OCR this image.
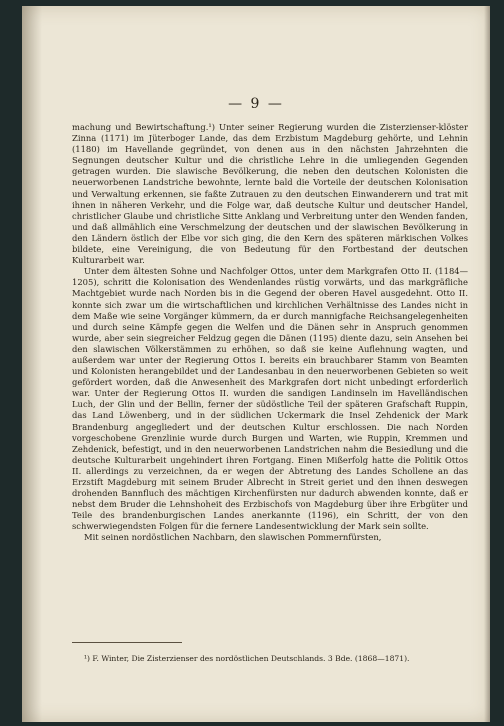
— 9 —

machung und Bewirtschaftung.¹) Unter seiner Regierung wurden die Zisterzienser-klöster Zinna (1171) im Jüterboger Lande, das dem Erzbistum Magdeburg gehörte, und Lehnin (1180) im Havellande gegründet, von denen aus in den nächsten Jahrzehnten die Segnungen deutscher Kultur und die christliche Lehre in die umliegenden Gegenden getragen wurden. Die slawische Bevölkerung, die neben den deutschen Kolonisten die neuerworbenen Landstriche bewohnte, lernte bald die Vorteile der deutschen Kolonisation und Verwaltung erkennen, sie faßte Zutrauen zu den deutschen Einwanderern und trat mit ihnen in näheren Verkehr, und die Folge war, daß deutsche Kultur und deutscher Handel, christlicher Glaube und christliche Sitte Anklang und Verbreitung unter den Wenden fanden, und daß allmählich eine Verschmelzung der deutschen und der slawischen Bevölkerung in den Ländern östlich der Elbe vor sich ging, die den Kern des späteren märkischen Volkes bildete, eine Vereinigung, die von Bedeutung für den Fortbestand der deutschen Kulturarbeit war.

Unter dem ältesten Sohne und Nachfolger Ottos, unter dem Markgrafen Otto II. (1184—1205), schritt die Kolonisation des Wendenlandes rüstig vorwärts, und das markgräfliche Machtgebiet wurde nach Norden bis in die Gegend der oberen Havel ausgedehnt. Otto II. konnte sich zwar um die wirtschaftlichen und kirchlichen Verhältnisse des Landes nicht in dem Maße wie seine Vorgänger kümmern, da er durch mannigfache Reichsangelegenheiten und durch seine Kämpfe gegen die Welfen und die Dänen sehr in Anspruch genommen wurde, aber sein siegreicher Feldzug gegen die Dänen (1195) diente dazu, sein Ansehen bei den slawischen Völkerstämmen zu erhöhen, so daß sie keine Auflehnung wagten, und außerdem war unter der Regierung Ottos I. bereits ein brauchbarer Stamm von Beamten und Kolonisten herangebildet und der Landesanbau in den neuerworbenen Gebieten so weit gefördert worden, daß die Anwesenheit des Markgrafen dort nicht unbedingt erforderlich war. Unter der Regierung Ottos II. wurden die sandigen Landinseln im Havelländischen Luch, der Glin und der Bellin, ferner der südöstliche Teil der späteren Grafschaft Ruppin, das Land Löwenberg, und in der südlichen Uckermark die Insel Zehdenick der Mark Brandenburg angegliedert und der deutschen Kultur erschlossen. Die nach Norden vorgeschobene Grenzlinie wurde durch Burgen und Warten, wie Ruppin, Kremmen und Zehdenick, befestigt, und in den neuerworbenen Landstrichen nahm die Besiedlung und die deutsche Kulturarbeit ungehindert ihren Fortgang. Einen Mißerfolg hatte die Politik Ottos II. allerdings zu verzeichnen, da er wegen der Abtretung des Landes Schollene an das Erzstift Magdeburg mit seinem Bruder Albrecht in Streit geriet und den ihnen deswegen drohenden Bannfluch des mächtigen Kirchenfürsten nur dadurch abwenden konnte, daß er nebst dem Bruder die Lehnshoheit des Erzbischofs von Magdeburg über ihre Erbgüter und Teile des brandenburgischen Landes anerkannte (1196), ein Schritt, der von den schwerwiegendsten Folgen für die fernere Landesentwicklung der Mark sein sollte.

Mit seinen nordöstlichen Nachbarn, den slawischen Pommernfürsten,

¹) F. Winter, Die Zisterzienser des nordöstlichen Deutschlands. 3 Bde. (1868—1871).
